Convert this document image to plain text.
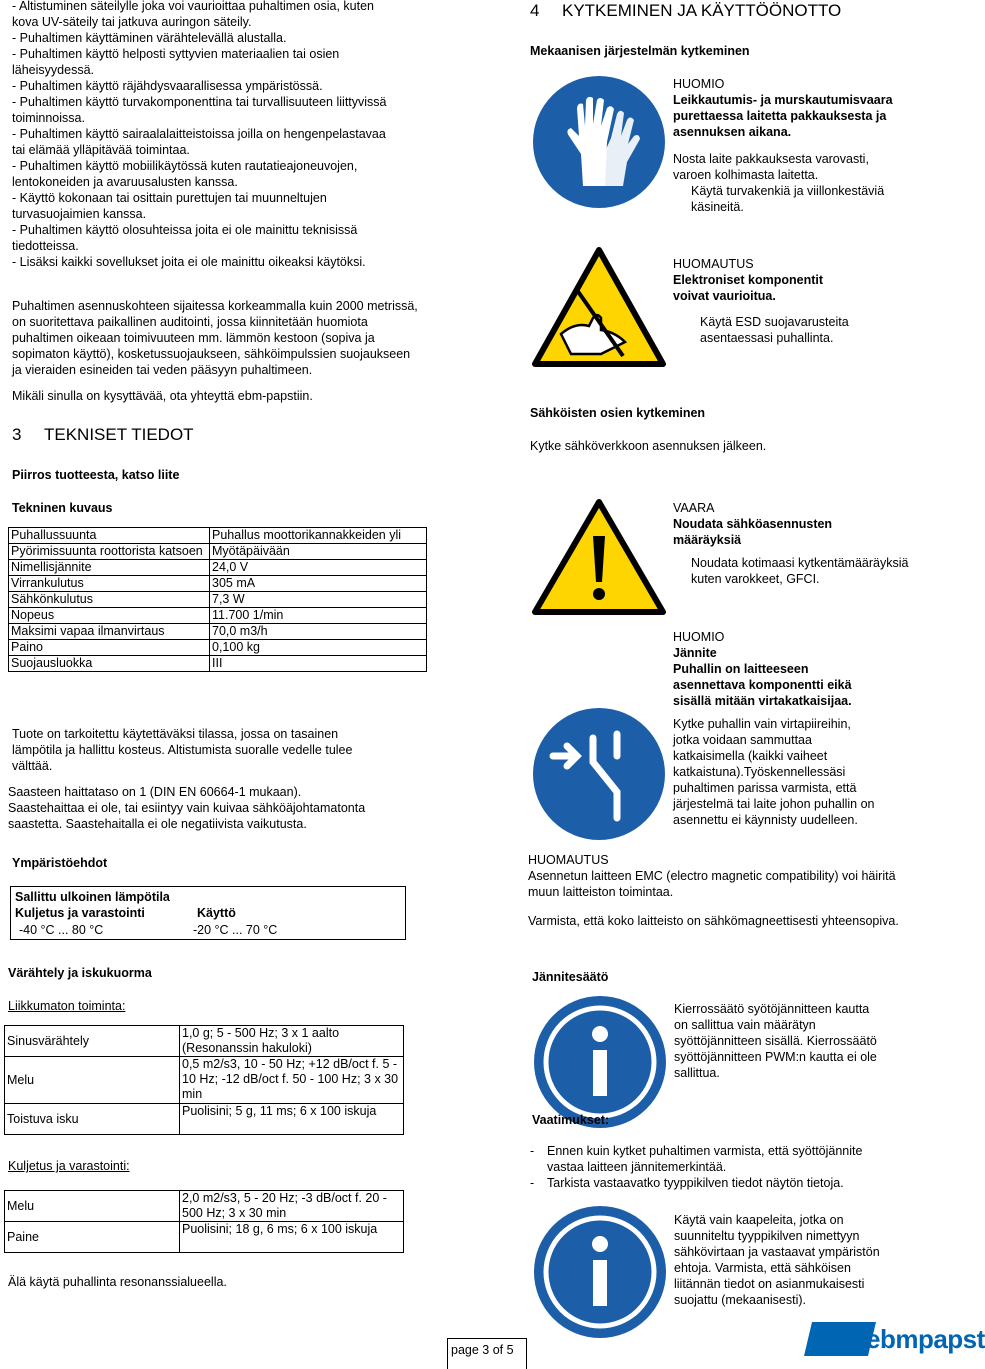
- Altistuminen säteilylle joka voi vaurioittaa puhaltimen osia, kuten
kova UV-säteily tai jatkuva auringon säteily.
- Puhaltimen käyttäminen värähtelevällä alustalla.
- Puhaltimen käyttö helposti syttyvien materiaalien tai osien
läheisyydessä.
- Puhaltimen käyttö räjähdysvaarallisessa ympäristössä.
- Puhaltimen käyttö turvakomponenttina tai turvallisuuteen liittyvissä
toiminnoissa.
- Puhaltimen käyttö sairaalalaitteistoissa joilla on hengenpelastavaa
tai elämää ylläpitävää toimintaa.
- Puhaltimen käyttö mobiilikäytössä kuten rautatieajoneuvojen,
lentokoneiden ja avaruusalusten kanssa.
- Käyttö kokonaan tai osittain purettujen tai muunneltujen
turvasuojaimien kanssa.
- Puhaltimen käyttö olosuhteissa joita ei ole mainittu teknisissä
tiedotteissa.
- Lisäksi kaikki sovellukset joita ei ole mainittu oikeaksi käytöksi.
Puhaltimen asennuskohteen sijaitessa korkeammalla kuin 2000 metrissä,
on suoritettava paikallinen auditointi, jossa kiinnitetään huomiota
puhaltimen oikeaan toimivuuteen mm. lämmön kestoon (sopiva ja
sopimaton käyttö), kosketussuojaukseen, sähköimpulssien suojaukseen
ja vieraiden esineiden tai veden pääsyyn puhaltimeen.
Mikäli sinulla on kysyttävää, ota yhteyttä ebm-papstiin.
3 TEKNISET TIEDOT
Piirros tuotteesta, katso liite
Tekninen kuvaus
Puhallussuunta	Puhallus moottorikannakkeiden yli
Pyörimissuunta roottorista katsoen	Myötäpäivään
Nimellisjännite	24,0 V
Virrankulutus	305 mA
Sähkönkulutus	7,3 W
Nopeus	11.700 1/min
Maksimi vapaa ilmanvirtaus	70,0 m3/h
Paino	0,100 kg
Suojausluokka	III
Tuote on tarkoitettu käytettäväksi tilassa, jossa on tasainen
lämpötila ja hallittu kosteus. Altistumista suoralle vedelle tulee
välttää.
Saasteen haittataso on 1 (DIN EN 60664-1 mukaan).
Saastehaittaa ei ole, tai esiintyy vain kuivaa sähköäjohtamatonta
saastetta. Saastehaitalla ei ole negatiivista vaikutusta.
Ympäristöehdot
Sallittu ulkoinen lämpötila
Kuljetus ja varastointi	Käyttö
-40 °C ... 80 °C	-20 °C ... 70 °C
Värähtely ja iskukuorma
Liikkumaton toiminta:
Sinusvärähtely	1,0 g; 5 - 500 Hz; 3 x 1 aalto (Resonanssin hakuloki)
Melu	0,5 m2/s3, 10 - 50 Hz; +12 dB/oct f. 5 - 10 Hz; -12 dB/oct f. 50 - 100 Hz; 3 x 30 min
Toistuva isku	Puolisini; 5 g, 11 ms; 6 x 100 iskuja
Kuljetus ja varastointi:
Melu	2,0 m2/s3, 5 - 20 Hz; -3 dB/oct f. 20 - 500 Hz; 3 x 30 min
Paine	Puolisini; 18 g, 6 ms; 6 x 100 iskuja
Älä käytä puhallinta resonanssialueella.
4 KYTKEMINEN JA KÄYTTÖÖNOTTO
Mekaanisen järjestelmän kytkeminen
HUOMIO
Leikkautumis- ja murskautumisvaara
purettaessa laitetta pakkauksesta ja
asennuksen aikana.
Nosta laite pakkauksesta varovasti,
varoen kolhimasta laitetta.
Käytä turvakenkiä ja viillonkestäviä
käsineitä.
HUOMAUTUS
Elektroniset komponentit
voivat vaurioitua.
Käytä ESD suojavarusteita
asentaessasi puhallinta.
Sähköisten osien kytkeminen
Kytke sähköverkkoon asennuksen jälkeen.
VAARA
Noudata sähköasennusten
määräyksiä
Noudata kotimaasi kytkentämääräyksiä
kuten varokkeet, GFCI.
HUOMIO
Jännite
Puhallin on laitteeseen
asennettava komponentti eikä
sisällä mitään virtakatkaisijaa.
Kytke puhallin vain virtapiireihin,
jotka voidaan sammuttaa
katkaisimella (kaikki vaiheet
katkaistuna).Työskennellessäsi
puhaltimen parissa varmista, että
järjestelmä tai laite johon puhallin on
asennettu ei käynnisty uudelleen.
HUOMAUTUS
Asennetun laitteen EMC (electro magnetic compatibility) voi häiritä
muun laitteiston toimintaa.
Varmista, että koko laitteisto on sähkömagneettisesti yhteensopiva.
Jännitesäätö
Kierrossäätö syötöjännitteen kautta
on sallittua vain määrätyn
syöttöjännitteen sisällä. Kierrossäätö
syöttöjännitteen PWM:n kautta ei ole
sallittua.
Vaatimukset:
-Ennen kuin kytket puhaltimen varmista, että syöttöjännite
vastaa laitteen jännitemerkintää.
-Tarkista vastaavatko tyyppikilven tiedot näytön tietoja.
Käytä vain kaapeleita, jotka on
suunniteltu tyyppikilven nimettyyn
sähkövirtaan ja vastaavat ympäristön
ehtoja. Varmista, että sähköisen
liitännän tiedot on asianmukaisesti
suojattu (mekaanisesti).
page 3 of 5	ebmpapst
